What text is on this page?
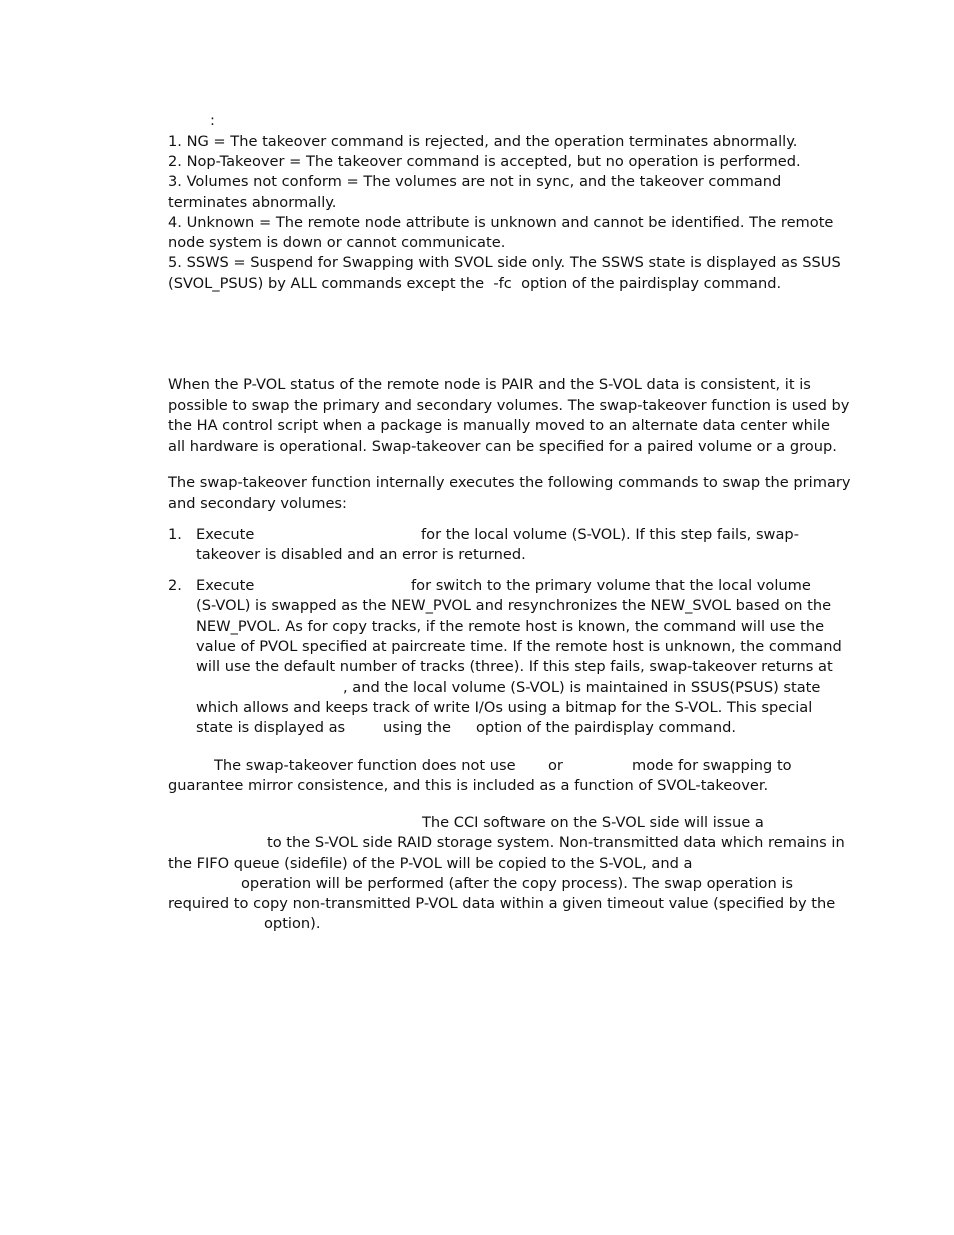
:
1. NG = The takeover command is rejected, and the operation terminates abnormally.
2. Nop-Takeover = The takeover command is accepted, but no operation is performed.
3. Volumes not conform = The volumes are not in sync, and the takeover command
terminates abnormally.
4. Unknown = The remote node attribute is unknown and cannot be identified. The remote
node system is down or cannot communicate.
5. SSWS = Suspend for Swapping with SVOL side only. The SSWS state is displayed as SSUS
(SVOL_PSUS) by ALL commands except the  -fc  option of the pairdisplay command.
When the P-VOL status of the remote node is PAIR and the S-VOL data is consistent, it is
possible to swap the primary and secondary volumes. The swap-takeover function is used by
the HA control script when a package is manually moved to an alternate data center while
all hardware is operational. Swap-takeover can be specified for a paired volume or a group.
The swap-takeover function internally executes the following commands to swap the primary
and secondary volumes:
1. Execute	for the local volume (S-VOL). If this step fails, swap-
takeover is disabled and an error is returned.
2. Execute	for switch to the primary volume that the local volume
(S-VOL) is swapped as the NEW_PVOL and resynchronizes the NEW_SVOL based on the
NEW_PVOL. As for copy tracks, if the remote host is known, the command will use the
value of PVOL specified at paircreate time. If the remote host is unknown, the command
will use the default number of tracks (three). If this step fails, swap-takeover returns at
, and the local volume (S-VOL) is maintained in SSUS(PSUS) state
which allows and keeps track of write I/Os using a bitmap for the S-VOL. This special
state is displayed as	using the option of the pairdisplay command.
The swap-takeover function does not use or	mode for swapping to
guarantee mirror consistence, and this is included as a function of SVOL-takeover.
The CCI software on the S-VOL side will issue a
to the S-VOL side RAID storage system. Non-transmitted data which remains in
the FIFO queue (sidefile) of the P-VOL will be copied to the S-VOL, and a
operation will be performed (after the copy process). The swap operation is
required to copy non-transmitted P-VOL data within a given timeout value (specified by the
option).
